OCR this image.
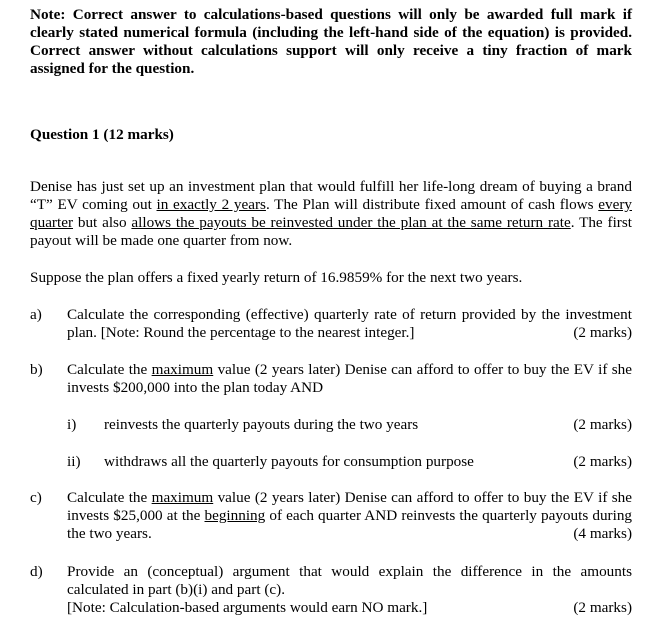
Note: Correct answer to calculations-based questions will only be awarded full mark if clearly stated numerical formula (including the left-hand side of the equation) is provided. Correct answer without calculations support will only receive a tiny fraction of mark assigned for the question.

Question 1 (12 marks)

Denise has just set up an investment plan that would fulfill her life-long dream of buying a brand “T” EV coming out in exactly 2 years. The Plan will distribute fixed amount of cash flows every quarter but also allows the payouts be reinvested under the plan at the same return rate. The first payout will be made one quarter from now.

Suppose the plan offers a fixed yearly return of 16.9859% for the next two years.

a) Calculate the corresponding (effective) quarterly rate of return provided by the investment plan. [Note: Round the percentage to the nearest integer.]	(2 marks)
b) Calculate the maximum value (2 years later) Denise can afford to offer to buy the EV if she invests $200,000 into the plan today AND
i) reinvests the quarterly payouts during the two years	(2 marks)
ii) withdraws all the quarterly payouts for consumption purpose	(2 marks)
c) Calculate the maximum value (2 years later) Denise can afford to offer to buy the EV if she invests $25,000 at the beginning of each quarter AND reinvests the quarterly payouts during the two years.	(4 marks)
d) Provide an (conceptual) argument that would explain the difference in the amounts calculated in part (b)(i) and part (c).
[Note: Calculation-based arguments would earn NO mark.]	(2 marks)
